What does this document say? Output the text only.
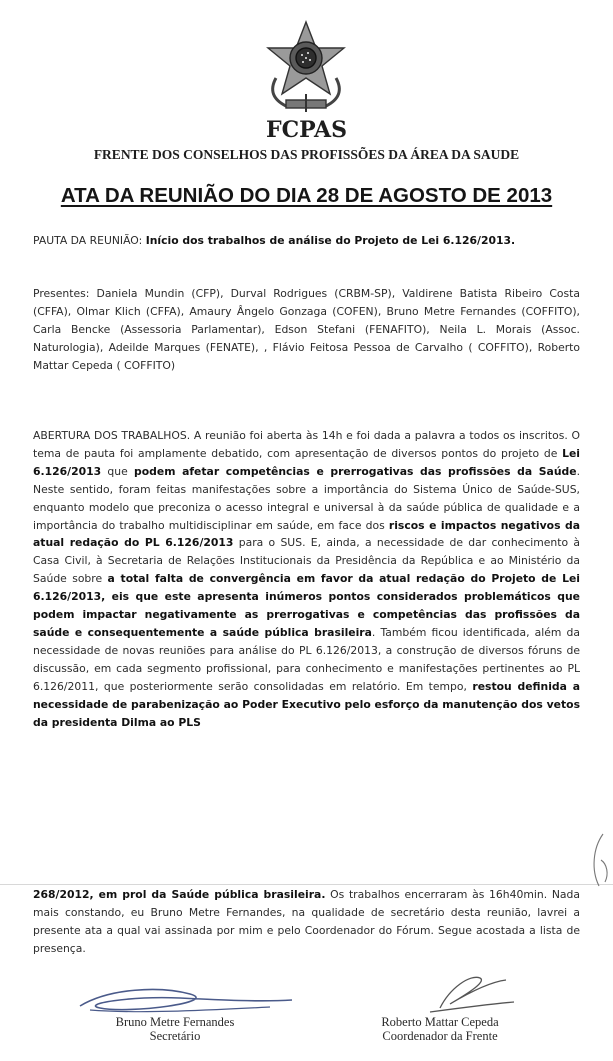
FCPAS
FRENTE DOS CONSELHOS DAS PROFISSÕES DA ÁREA DA SAUDE
ATA DA REUNIÃO DO DIA 28 DE AGOSTO DE 2013
PAUTA DA REUNIÃO: Início dos trabalhos de análise do Projeto de Lei 6.126/2013.
Presentes: Daniela Mundin (CFP), Durval Rodrigues (CRBM-SP), Valdirene Batista Ribeiro Costa (CFFA), Olmar Klich (CFFA), Amaury Ângelo Gonzaga (COFEN), Bruno Metre Fernandes (COFFITO), Carla Bencke (Assessoria Parlamentar), Edson Stefani (FENAFITO), Neila L. Morais (Assoc. Naturologia), Adeilde Marques (FENATE), , Flávio Feitosa Pessoa de Carvalho ( COFFITO), Roberto Mattar Cepeda ( COFFITO)
ABERTURA DOS TRABALHOS. A reunião foi aberta às 14h e foi dada a palavra a todos os inscritos. O tema de pauta foi amplamente debatido, com apresentação de diversos pontos do projeto de Lei 6.126/2013 que podem afetar competências e prerrogativas das profissões da Saúde. Neste sentido, foram feitas manifestações sobre a importância do Sistema Único de Saúde-SUS, enquanto modelo que preconiza o acesso integral e universal à da saúde pública de qualidade e a importância do trabalho multidisciplinar em saúde, em face dos riscos e impactos negativos da atual redação do PL 6.126/2013 para o SUS. E, ainda, a necessidade de dar conhecimento à Casa Civil, à Secretaria de Relações Institucionais da Presidência da República e ao Ministério da Saúde sobre a total falta de convergência em favor da atual redação do Projeto de Lei 6.126/2013, eis que este apresenta inúmeros pontos considerados problemáticos que podem impactar negativamente as prerrogativas e competências das profissões da saúde e consequentemente a saúde pública brasileira. Também ficou identificada, além da necessidade de novas reuniões para análise do PL 6.126/2013, a construção de diversos fóruns de discussão, em cada segmento profissional, para conhecimento e manifestações pertinentes ao PL 6.126/2011, que posteriormente serão consolidadas em relatório. Em tempo, restou definida a necessidade de parabenização ao Poder Executivo pelo esforço da manutenção dos vetos da presidenta Dilma ao PLS
268/2012, em prol da Saúde pública brasileira. Os trabalhos encerraram às 16h40min. Nada mais constando, eu Bruno Metre Fernandes, na qualidade de secretário desta reunião, lavrei a presente ata a qual vai assinada por mim e pelo Coordenador do Fórum. Segue acostada a lista de presença.
Bruno Metre Fernandes
Secretário
Roberto Mattar Cepeda
Coordenador da Frente
